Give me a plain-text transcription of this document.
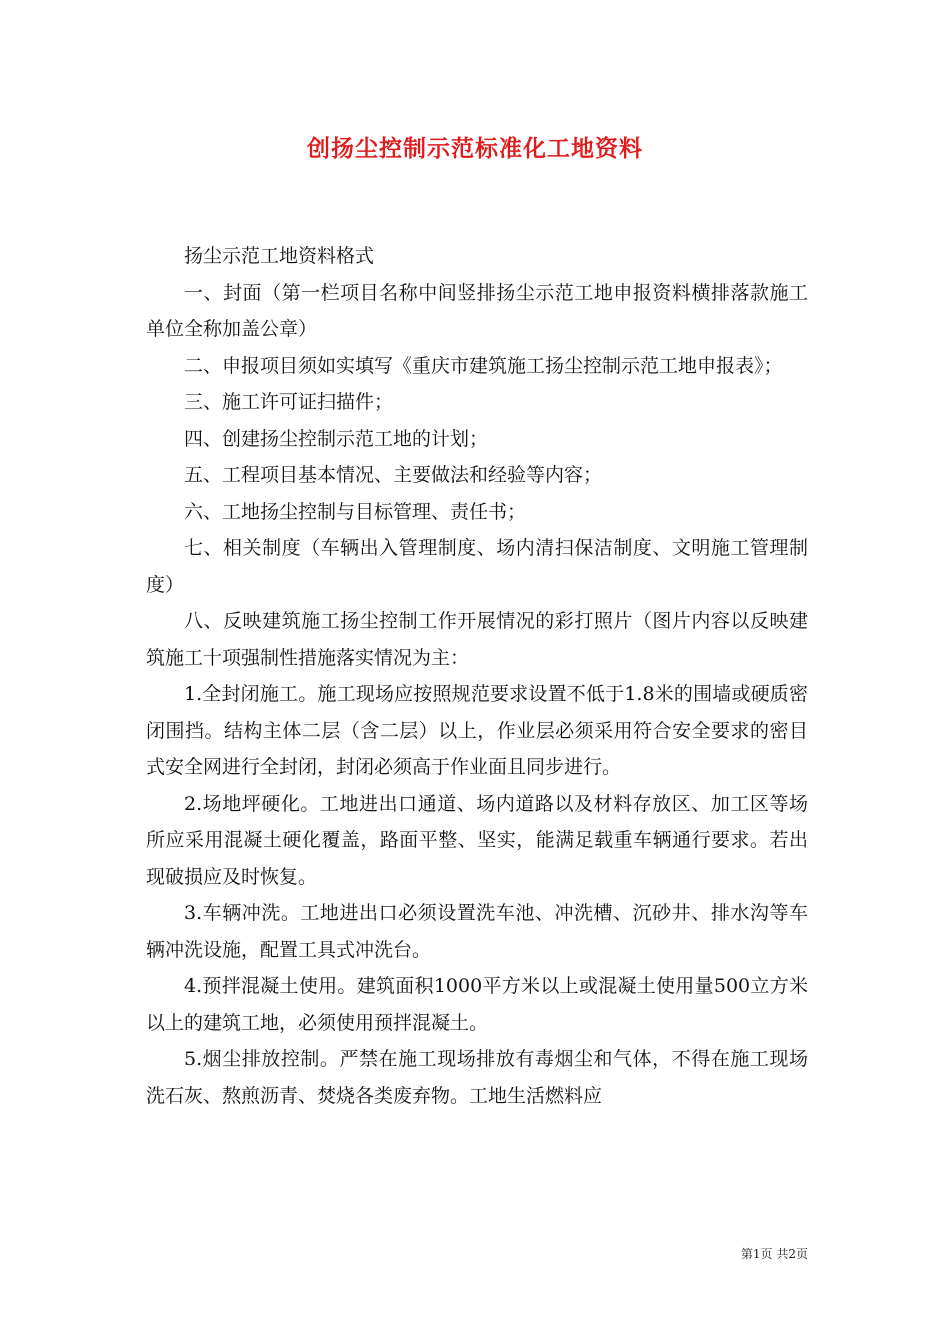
创扬尘控制示范标准化工地资料

扬尘示范工地资料格式

一、封面（第一栏项目名称中间竖排扬尘示范工地申报资料横排落款施工单位全称加盖公章）

二、申报项目须如实填写《重庆市建筑施工扬尘控制示范工地申报表》；

三、施工许可证扫描件；

四、创建扬尘控制示范工地的计划；

五、工程项目基本情况、主要做法和经验等内容；

六、工地扬尘控制与目标管理、责任书；

七、相关制度（车辆出入管理制度、场内清扫保洁制度、文明施工管理制度）

八、反映建筑施工扬尘控制工作开展情况的彩打照片（图片内容以反映建筑施工十项强制性措施落实情况为主：

1.全封闭施工。施工现场应按照规范要求设置不低于1.8米的围墙或硬质密闭围挡。结构主体二层（含二层）以上，作业层必须采用符合安全要求的密目式安全网进行全封闭，封闭必须高于作业面且同步进行。

2.场地坪硬化。工地进出口通道、场内道路以及材料存放区、加工区等场所应采用混凝土硬化覆盖，路面平整、坚实，能满足载重车辆通行要求。若出现破损应及时恢复。

3.车辆冲洗。工地进出口必须设置洗车池、冲洗槽、沉砂井、排水沟等车辆冲洗设施，配置工具式冲洗台。

4.预拌混凝土使用。建筑面积1000平方米以上或混凝土使用量500立方米以上的建筑工地，必须使用预拌混凝土。

5.烟尘排放控制。严禁在施工现场排放有毒烟尘和气体，不得在施工现场洗石灰、熬煎沥青、焚烧各类废弃物。工地生活燃料应

第1页 共2页
